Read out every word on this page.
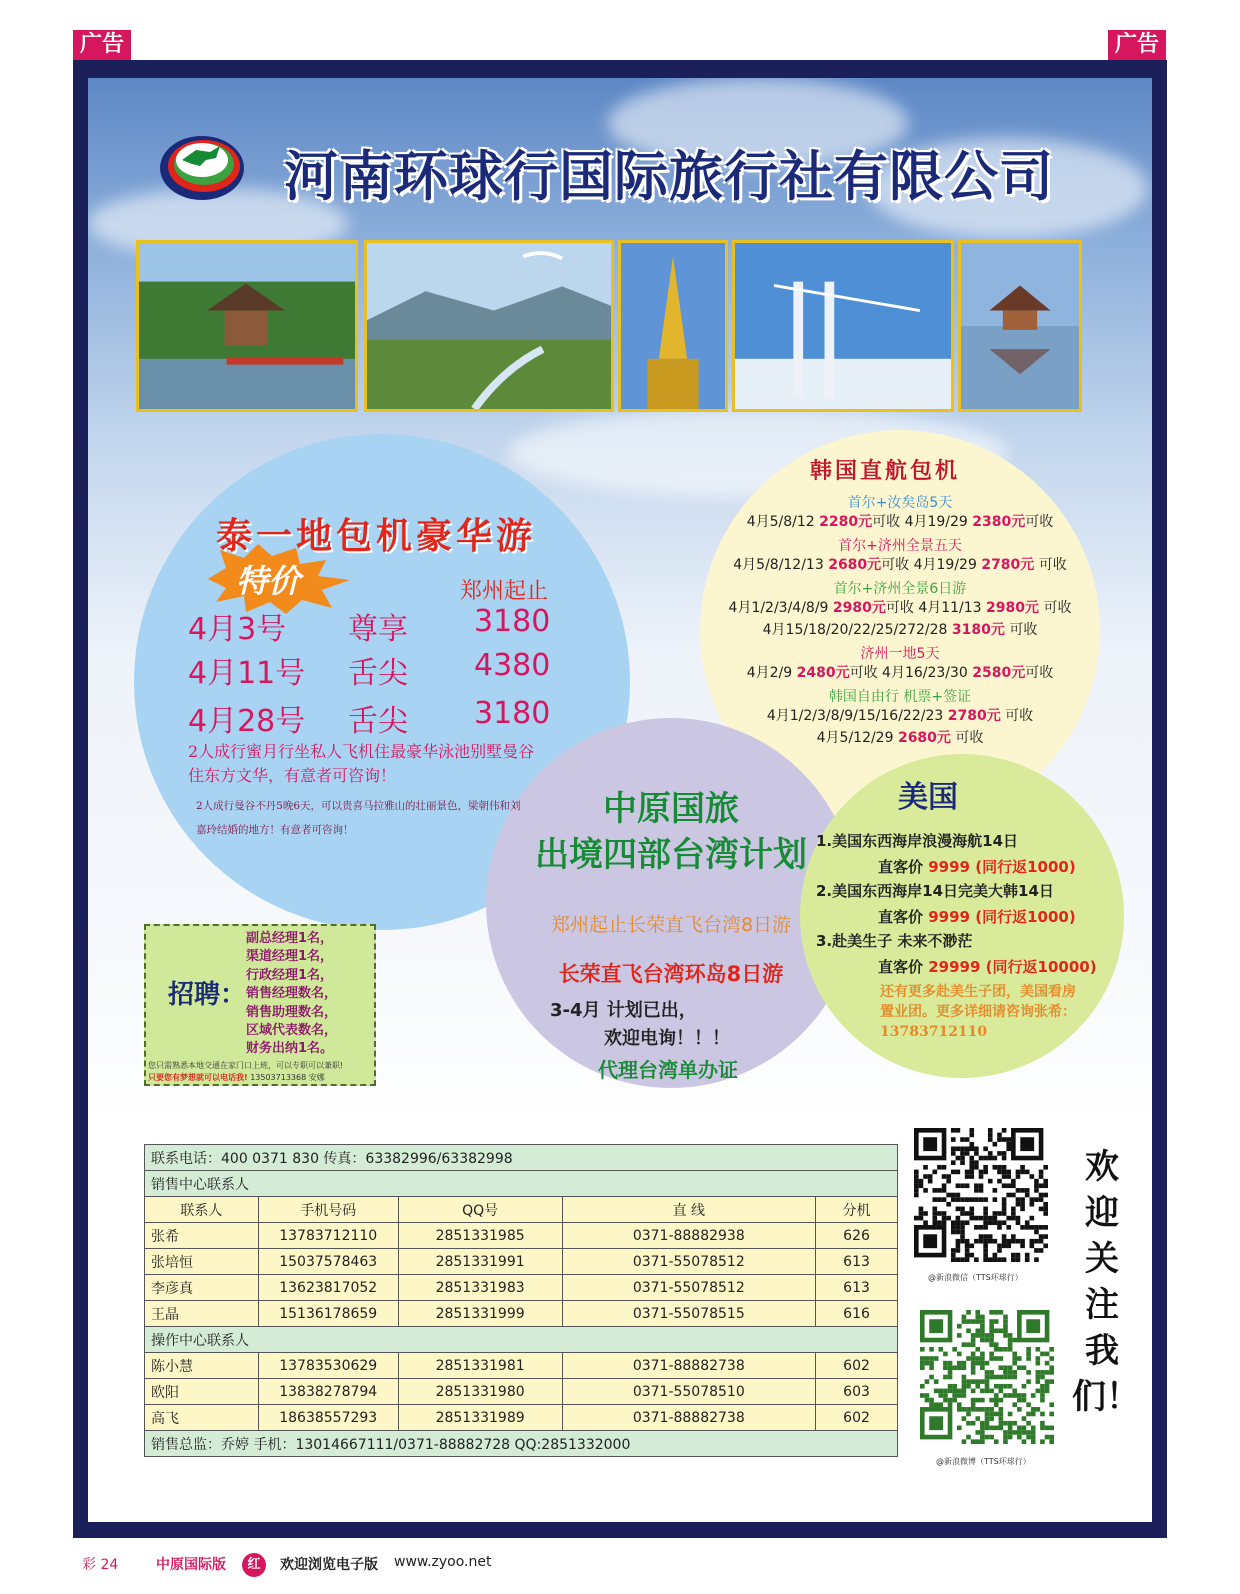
广告	广告
河南环球行国际旅行社有限公司
泰一地包机豪华游
特价	郑州起止
4月3号 尊享 3180
4月11号 舌尖 4380
4月28号 舌尖 3180
2人成行蜜月行坐私人飞机住最豪华泳池别墅曼谷住东方文华，有意者可咨询！
2人成行曼谷不丹5晚6天，可以贵喜马拉雅山的壮丽景色，梁朝伟和刘嘉玲结婚的地方！有意者可咨询！
韩国直航包机
首尔+汝矣岛5天
4月5/8/12 2280元可收 4月19/29 2380元可收
首尔+济州全景五天
4月5/8/12/13 2680元可收 4月19/29 2780元 可收
首尔+济州全景6日游
4月1/2/3/4/8/9 2980元可收 4月11/13 2980元 可收
4月15/18/20/22/25/272/28 3180元 可收
济州一地5天
4月2/9 2480元可收 4月16/23/30 2580元可收
韩国自由行 机票+签证
4月1/2/3/8/9/15/16/22/23 2780元 可收
4月5/12/29 2680元 可收
中原国旅
出境四部台湾计划
郑州起止长荣直飞台湾8日游
长荣直飞台湾环岛8日游
3-4月 计划已出，
欢迎电询！！！
代理台湾单办证
美国
1.美国东西海岸浪漫海航14日
直客价 9999 (同行返1000)
2.美国东西海岸14日完美大韩14日
直客价 9999 (同行返1000)
3.赴美生子 未来不渺茫
直客价 29999 (同行返10000)
还有更多赴美生子团，美国看房置业团。更多详细请咨询张希：13783712110
招聘：
副总经理1名，
渠道经理1名，
行政经理1名，
销售经理数名，
销售助理数名，
区域代表数名，
财务出纳1名。
您只需熟悉本地交通在家门口上班，可以专职可以兼职!
只要您有梦想就可以电话我! 13503713368 安娜
联系电话：400 0371 830 传真：63382996/63382998				
销售中心联系人				
联系人	手机号码	QQ号	直 线	分机
张希	13783712110	2851331985	0371-88882938	626
张培恒	15037578463	2851331991	0371-55078512	613
李彦真	13623817052	2851331983	0371-55078512	613
王晶	15136178659	2851331999	0371-55078515	616
操作中心联系人				
陈小慧	13783530629	2851331981	0371-88882738	602
欧阳	13838278794	2851331980	0371-55078510	603
高飞	18638557293	2851331989	0371-88882738	602
销售总监：乔婷 手机：13014667111/0371-88882728 QQ:2851332000				
@新浪微信（TTS环球行）
@新浪微博（TTS环球行）
欢迎关注我们！
彩 24	中原国际版	红	欢迎浏览电子版 www.zyoo.net
